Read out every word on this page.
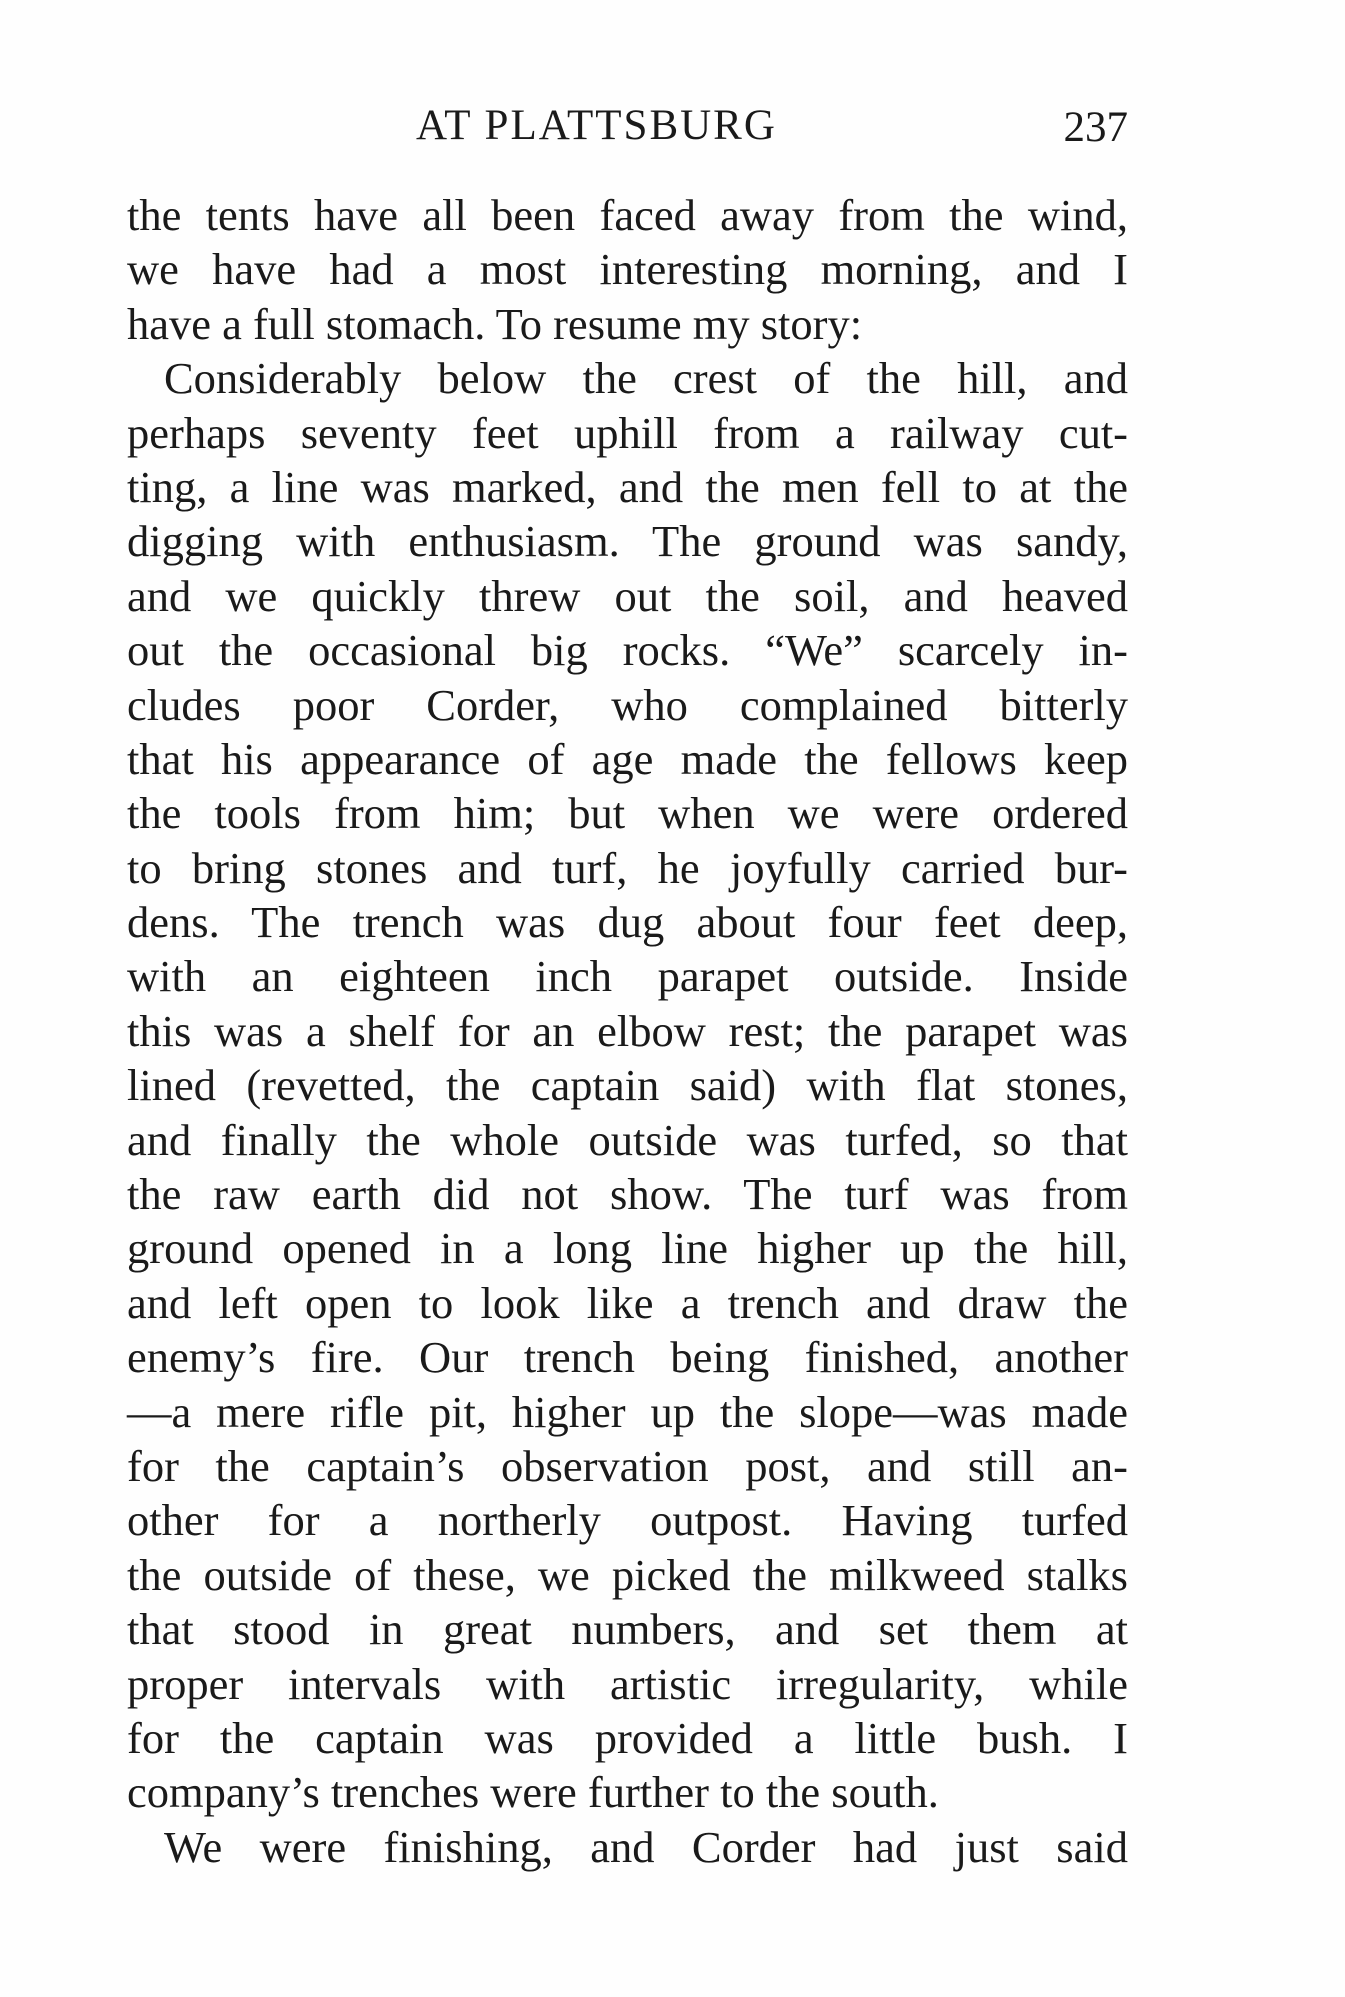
AT PLATTSBURG	237
the tents have all been faced away from the wind,
we have had a most interesting morning, and I
have a full stomach. To resume my story:
Considerably below the crest of the hill, and
perhaps seventy feet uphill from a railway cut-
ting, a line was marked, and the men fell to at the
digging with enthusiasm. The ground was sandy,
and we quickly threw out the soil, and heaved
out the occasional big rocks. “We” scarcely in-
cludes poor Corder, who complained bitterly
that his appearance of age made the fellows keep
the tools from him; but when we were ordered
to bring stones and turf, he joyfully carried bur-
dens. The trench was dug about four feet deep,
with an eighteen inch parapet outside. Inside
this was a shelf for an elbow rest; the parapet was
lined (revetted, the captain said) with flat stones,
and finally the whole outside was turfed, so that
the raw earth did not show. The turf was from
ground opened in a long line higher up the hill,
and left open to look like a trench and draw the
enemy’s fire. Our trench being finished, another
—a mere rifle pit, higher up the slope—was made
for the captain’s observation post, and still an-
other for a northerly outpost. Having turfed
the outside of these, we picked the milkweed stalks
that stood in great numbers, and set them at
proper intervals with artistic irregularity, while
for the captain was provided a little bush. I
company’s trenches were further to the south.
We were finishing, and Corder had just said
